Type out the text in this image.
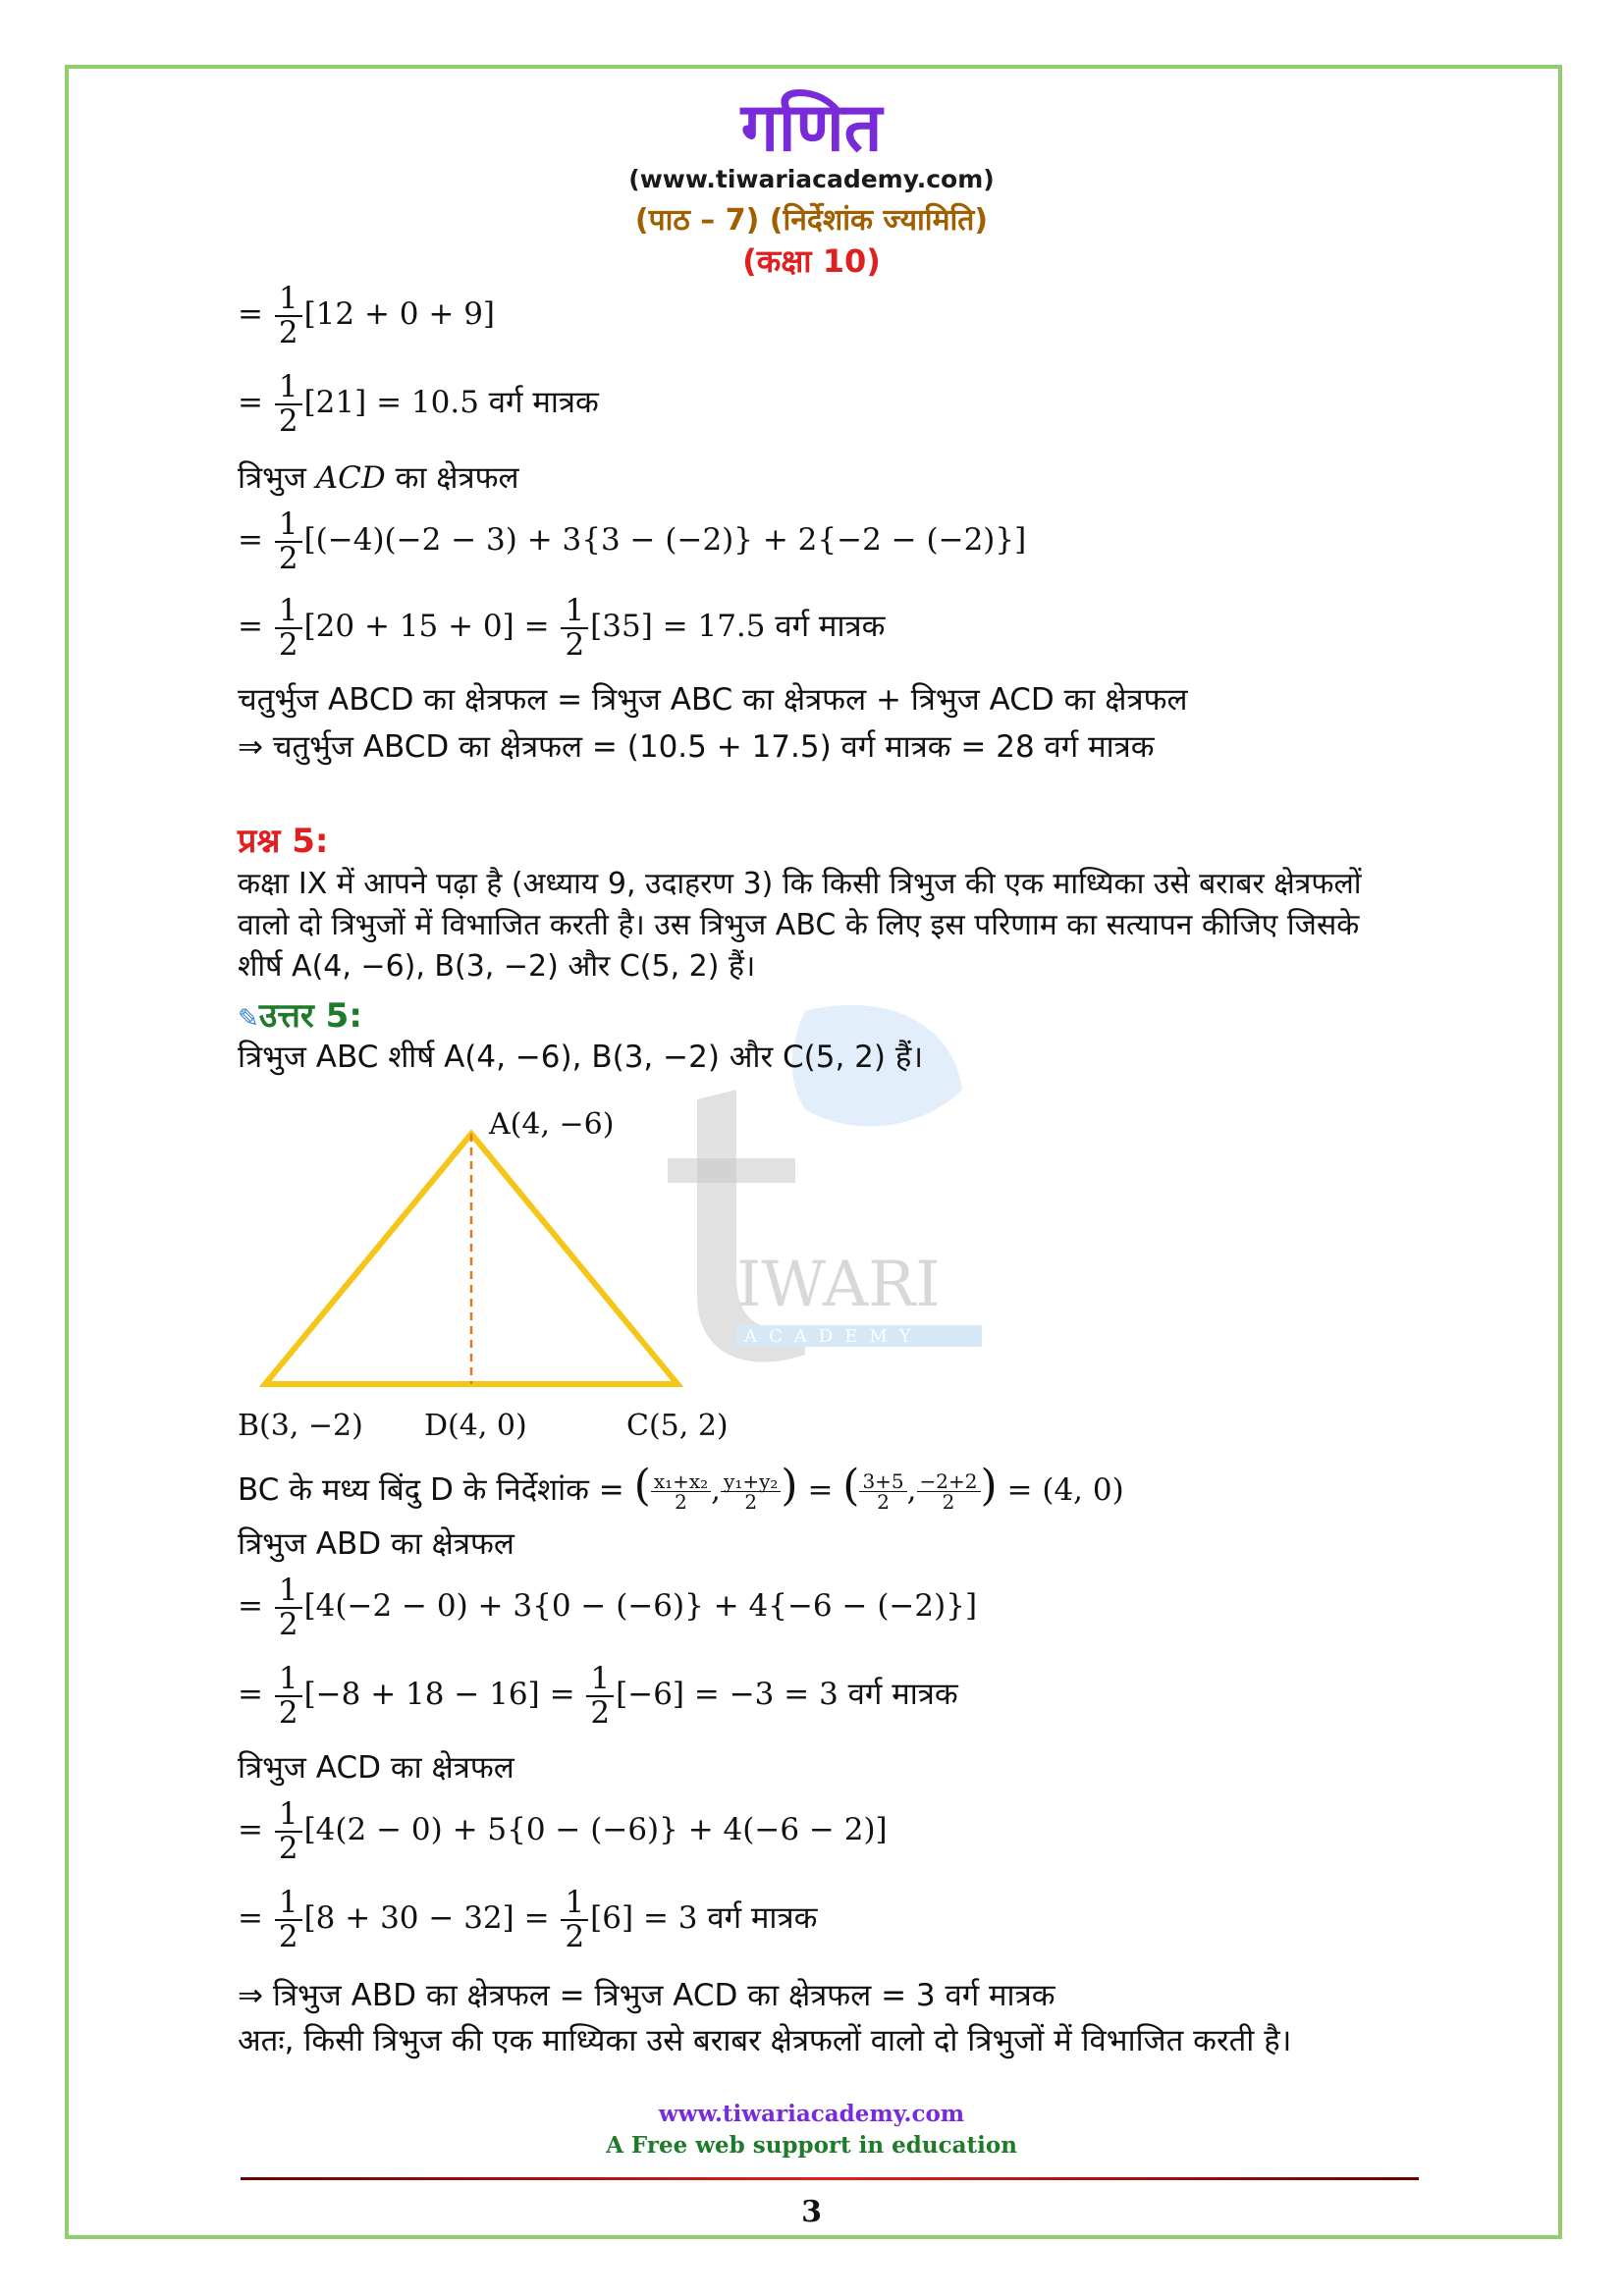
IWARI
ACADEMY
गणित
(www.tiwariacademy.com)
(पाठ – 7) (निर्देशांक ज्यामिति)
(कक्षा 10)
= $\frac{1}{2} [12 + 0 + 9]$
= $\frac{1}{2} [21] = 10.5$ वर्ग मात्रक
त्रिभुज ACD का क्षेत्रफल
= $\frac{1}{2} [(-4)(-2 - 3) + 3\{3 - (-2)\} + 2\{-2 - (-2)\}]$
= $\frac{1}{2} [20 + 15 + 0] = \frac{1}{2} [35] = 17.5$ वर्ग मात्रक
चतुर्भुज ABCD का क्षेत्रफल = त्रिभुज ABC का क्षेत्रफल + त्रिभुज ACD का क्षेत्रफल
⇒ चतुर्भुज ABCD का क्षेत्रफल = (10.5 + 17.5) वर्ग मात्रक = 28 वर्ग मात्रक
प्रश्न 5:
कक्षा IX में आपने पढ़ा है (अध्याय 9, उदाहरण 3) कि किसी त्रिभुज की एक माध्यिका उसे बराबर क्षेत्रफलों वालो दो त्रिभुजों में विभाजित करती है। उस त्रिभुज ABC के लिए इस परिणाम का सत्यापन कीजिए जिसके शीर्ष A(4, −6), B(3, −2) और C(5, 2) हैं।
✎उत्तर 5:
त्रिभुज ABC शीर्ष A(4, −6), B(3, −2) और C(5, 2) हैं।
A(4, −6)
B(3, −2) D(4, 0)	C(5, 2)
BC के मध्य बिंदु D के निर्देशांक = ( $\frac{\text{x₁+x₂}}{2}$ , $\frac{\text{y₁+y₂}}{2}$ ) = ( $\frac{3+5}{2}$ , $\frac{-2+2}{2}$ ) = (4, 0)
त्रिभुज ABD का क्षेत्रफल
= $\frac{1}{2} [4(-2 - 0) + 3\{0 - (-6)\} + 4\{-6 - (-2)\}]$
= $\frac{1}{2} [-8 + 18 - 16] = \frac{1}{2} [-6] = -3 = 3$ वर्ग मात्रक
त्रिभुज ACD का क्षेत्रफल
= $\frac{1}{2} [4(2 - 0) + 5\{0 - (-6)\} + 4(-6 - 2)]$
= $\frac{1}{2} [8 + 30 - 32] = \frac{1}{2} [6] = 3$ वर्ग मात्रक
⇒ त्रिभुज ABD का क्षेत्रफल = त्रिभुज ACD का क्षेत्रफल = 3 वर्ग मात्रक
अतः, किसी त्रिभुज की एक माध्यिका उसे बराबर क्षेत्रफलों वालो दो त्रिभुजों में विभाजित करती है।
www.tiwariacademy.com
A Free web support in education
3
